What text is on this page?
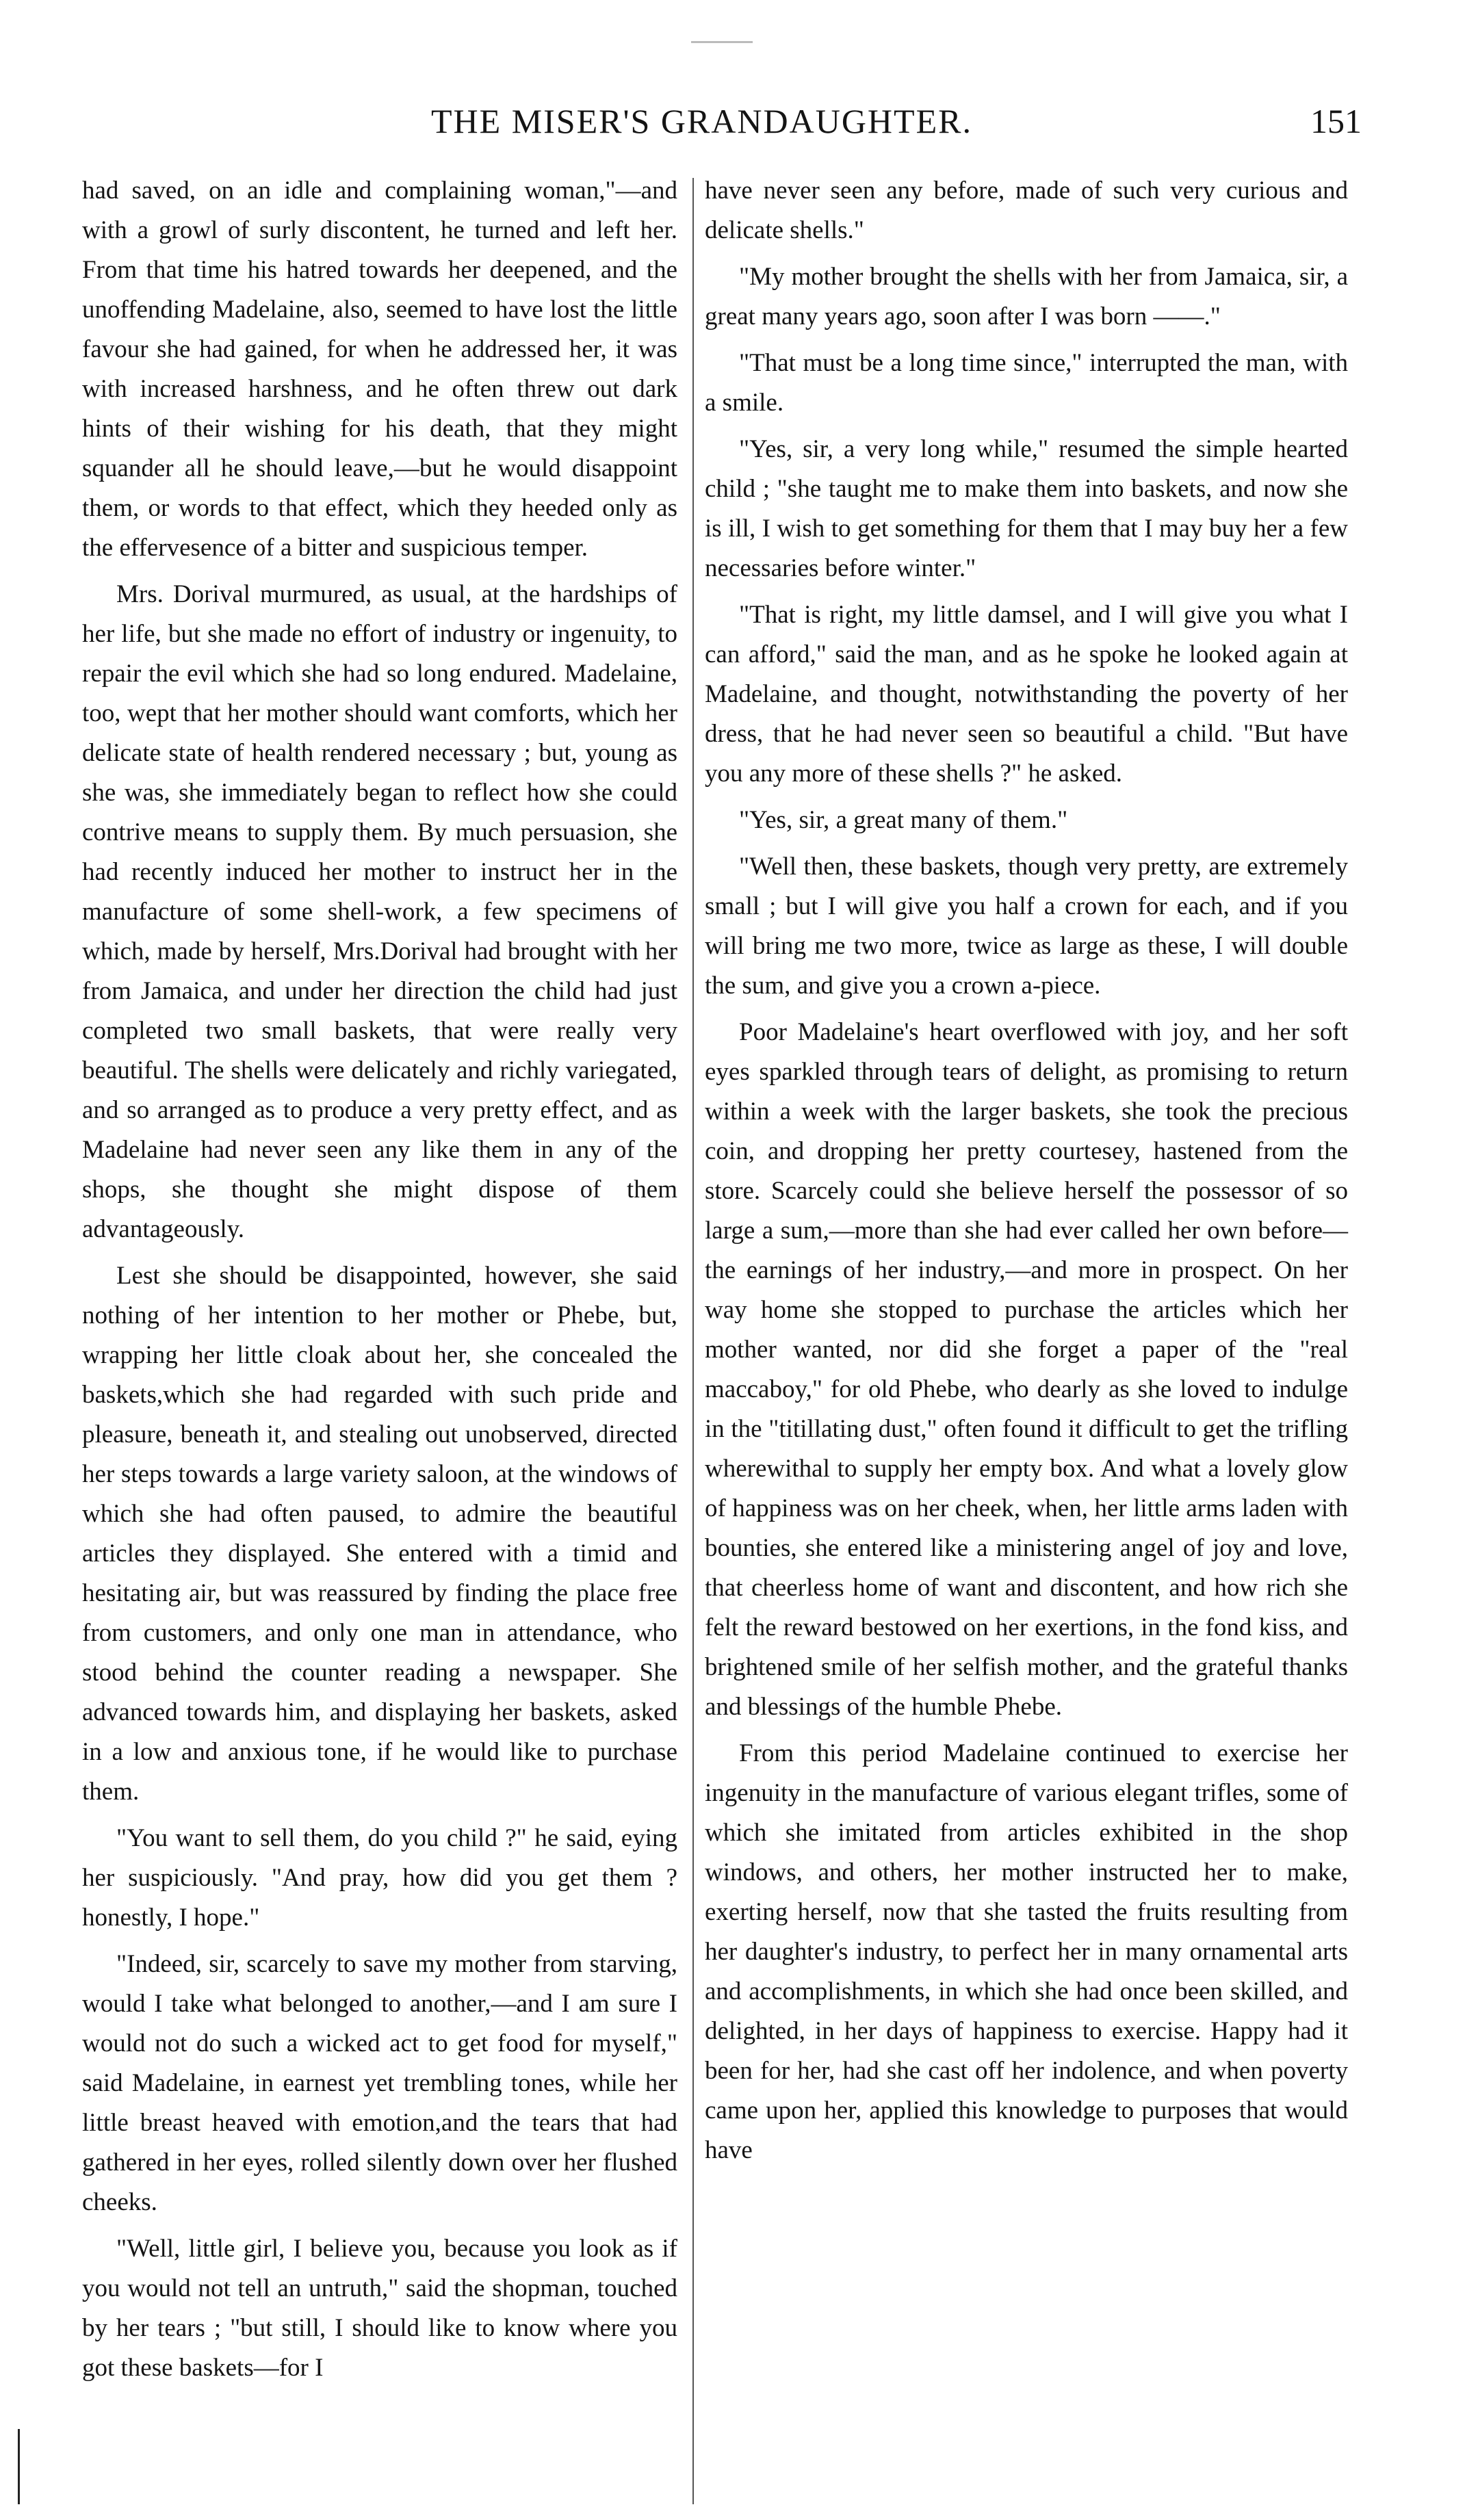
THE MISER'S GRANDAUGHTER.	151

had saved, on an idle and complaining woman,"—and with a growl of surly discontent, he turned and left her. From that time his hatred towards her deepened, and the unoffending Madelaine, also, seemed to have lost the little favour she had gained, for when he addressed her, it was with increased harshness, and he often threw out dark hints of their wishing for his death, that they might squander all he should leave,—but he would disappoint them, or words to that effect, which they heeded only as the effervesence of a bitter and suspicious temper.

Mrs. Dorival murmured, as usual, at the hardships of her life, but she made no effort of industry or ingenuity, to repair the evil which she had so long endured. Madelaine, too, wept that her mother should want comforts, which her delicate state of health rendered necessary ; but, young as she was, she immediately began to reflect how she could contrive means to supply them. By much persuasion, she had recently induced her mother to instruct her in the manufacture of some shell-work, a few specimens of which, made by herself, Mrs.Dorival had brought with her from Jamaica, and under her direction the child had just completed two small baskets, that were really very beautiful. The shells were delicately and richly variegated, and so arranged as to produce a very pretty effect, and as Madelaine had never seen any like them in any of the shops, she thought she might dispose of them advantageously.

Lest she should be disappointed, however, she said nothing of her intention to her mother or Phebe, but, wrapping her little cloak about her, she concealed the baskets,which she had regarded with such pride and pleasure, beneath it, and stealing out unobserved, directed her steps towards a large variety saloon, at the windows of which she had often paused, to admire the beautiful articles they displayed. She entered with a timid and hesitating air, but was reassured by finding the place free from customers, and only one man in attendance, who stood behind the counter reading a newspaper. She advanced towards him, and displaying her baskets, asked in a low and anxious tone, if he would like to purchase them.

"You want to sell them, do you child ?" he said, eying her suspiciously. "And pray, how did you get them ? honestly, I hope."

"Indeed, sir, scarcely to save my mother from starving, would I take what belonged to another,—and I am sure I would not do such a wicked act to get food for myself," said Madelaine, in earnest yet trembling tones, while her little breast heaved with emotion,and the tears that had gathered in her eyes, rolled silently down over her flushed cheeks.

"Well, little girl, I believe you, because you look as if you would not tell an untruth," said the shopman, touched by her tears ; "but still, I should like to know where you got these baskets—for I

have never seen any before, made of such very curious and delicate shells."

"My mother brought the shells with her from Jamaica, sir, a great many years ago, soon after I was born ——."

"That must be a long time since," interrupted the man, with a smile.

"Yes, sir, a very long while," resumed the simple hearted child ; "she taught me to make them into baskets, and now she is ill, I wish to get something for them that I may buy her a few necessaries before winter."

"That is right, my little damsel, and I will give you what I can afford," said the man, and as he spoke he looked again at Madelaine, and thought, notwithstanding the poverty of her dress, that he had never seen so beautiful a child. "But have you any more of these shells ?" he asked.

"Yes, sir, a great many of them."

"Well then, these baskets, though very pretty, are extremely small ; but I will give you half a crown for each, and if you will bring me two more, twice as large as these, I will double the sum, and give you a crown a-piece.

Poor Madelaine's heart overflowed with joy, and her soft eyes sparkled through tears of delight, as promising to return within a week with the larger baskets, she took the precious coin, and dropping her pretty courtesey, hastened from the store. Scarcely could she believe herself the possessor of so large a sum,—more than she had ever called her own before—the earnings of her industry,—and more in prospect. On her way home she stopped to purchase the articles which her mother wanted, nor did she forget a paper of the "real maccaboy," for old Phebe, who dearly as she loved to indulge in the "titillating dust," often found it difficult to get the trifling wherewithal to supply her empty box. And what a lovely glow of happiness was on her cheek, when, her little arms laden with bounties, she entered like a ministering angel of joy and love, that cheerless home of want and discontent, and how rich she felt the reward bestowed on her exertions, in the fond kiss, and brightened smile of her selfish mother, and the grateful thanks and blessings of the humble Phebe.

From this period Madelaine continued to exercise her ingenuity in the manufacture of various elegant trifles, some of which she imitated from articles exhibited in the shop windows, and others, her mother instructed her to make, exerting herself, now that she tasted the fruits resulting from her daughter's industry, to perfect her in many ornamental arts and accomplishments, in which she had once been skilled, and delighted, in her days of happiness to exercise. Happy had it been for her, had she cast off her indolence, and when poverty came upon her, applied this knowledge to purposes that would have
